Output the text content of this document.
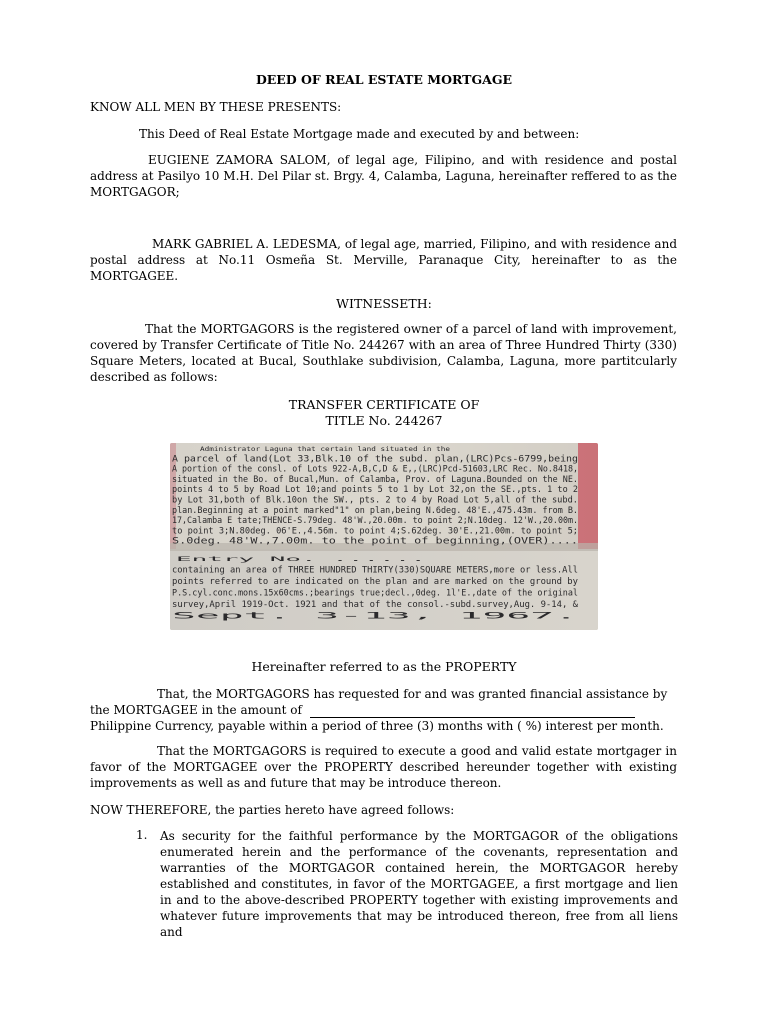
DEED OF REAL ESTATE MORTGAGE
KNOW ALL MEN BY THESE PRESENTS:
This Deed of Real Estate Mortgage made and executed by and between:
EUGIENE ZAMORA SALOM, of legal age, Filipino, and with residence and postal address at Pasilyo 10 M.H. Del Pilar st. Brgy. 4, Calamba, Laguna, hereinafter reffered to as the MORTGAGOR;
MARK GABRIEL A. LEDESMA, of legal age, married, Filipino, and with residence and postal address at No.11 Osmeña St. Merville, Paranaque City, hereinafter to as the MORTGAGEE.
WITNESSETH:
That the MORTGAGORS is the registered owner of a parcel of land with improvement, covered by Transfer Certificate of Title No. 244267 with an area of Three Hundred Thirty (330) Square Meters, located at Bucal, Southlake subdivision, Calamba, Laguna, more partitcularly described as follows:
TRANSFER CERTIFICATE OF
TITLE No. 244267
Administrator Laguna that certain land situated in the
A parcel of land(Lot 33,Blk.10 of the subd. plan,(LRC)Pcs-6799,being
A portion of the consl. of Lots 922-A,B,C,D & E,,(LRC)Pcd-51603,LRC Rec. No.8418,
situated in the Bo. of Bucal,Mun. of Calamba, Prov. of Laguna.Bounded on the NE.
points 4 to 5 by Road Lot 10;and points 5 to 1 by Lot 32,on the SE.,pts. 1 to 2
by Lot 31,both of Blk.10on the SW., pts. 2 to 4 by Road Lot 5,all of the subd.
plan.Beginning at a point marked"1" on plan,being N.6deg. 48'E.,475.43m. from B.
17,Calamba E tate;THENCE-S.79deg. 48'W.,20.00m. to point 2;N.10deg. 12'W.,20.00m.
to point 3;N.80deg. 06'E.,4.56m. to point 4;S.62deg. 30'E.,21.00m. to point 5;
S.0deg. 48'W.,7.00m. to the point of beginning,(OVER)....
Entry No. ......
containing an area of THREE HUNDRED THIRTY(330)SQUARE METERS,more or less.All
points referred to are indicated on the plan and are marked on the ground by
P.S.cyl.conc.mons.15x60cms.;bearings true;decl.,0deg. 1l'E.,date of the original
survey,April 1919-Oct. 1921 and that of the consol.-subd.survey,Aug. 9-14, &
Sept. 3-13, 1967.
Hereinafter referred to as the PROPERTY
That, the MORTGAGORS has requested for and was granted financial assistance by
the MORTGAGEE in the amount of
Philippine Currency, payable within a period of three (3) months with ( %) interest per month.
That the MORTGAGORS is required to execute a good and valid estate mortgager in favor of the MORTGAGEE over the PROPERTY described hereunder together with existing improvements as well as and future that may be introduce thereon.
NOW THEREFORE, the parties hereto have agreed follows:
1. As security for the faithful performance by the MORTGAGOR of the obligations enumerated herein and the performance of the covenants, representation and warranties of the MORTGAGOR contained herein, the MORTGAGOR hereby established and constitutes, in favor of the MORTGAGEE, a first mortgage and lien in and to the above-described PROPERTY together with existing improvements and whatever future improvements that may be introduced thereon, free from all liens and
